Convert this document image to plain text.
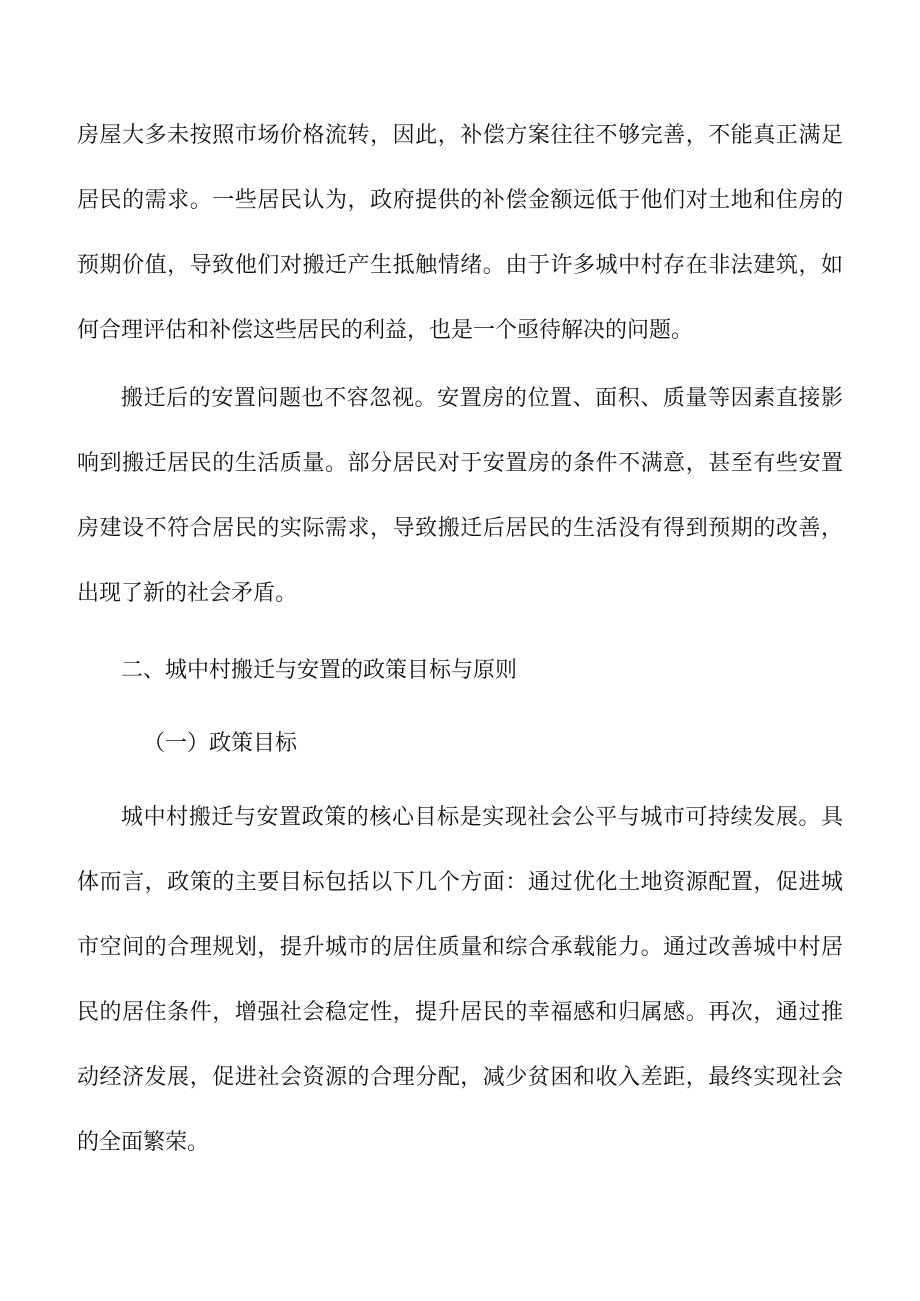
房屋大多未按照市场价格流转，因此，补偿方案往往不够完善，不能真正满足居民的需求。一些居民认为，政府提供的补偿金额远低于他们对土地和住房的预期价值，导致他们对搬迁产生抵触情绪。由于许多城中村存在非法建筑，如何合理评估和补偿这些居民的利益，也是一个亟待解决的问题。

搬迁后的安置问题也不容忽视。安置房的位置、面积、质量等因素直接影响到搬迁居民的生活质量。部分居民对于安置房的条件不满意，甚至有些安置房建设不符合居民的实际需求，导致搬迁后居民的生活没有得到预期的改善，出现了新的社会矛盾。

二、城中村搬迁与安置的政策目标与原则
（一）政策目标

城中村搬迁与安置政策的核心目标是实现社会公平与城市可持续发展。具体而言，政策的主要目标包括以下几个方面：通过优化土地资源配置，促进城市空间的合理规划，提升城市的居住质量和综合承载能力。通过改善城中村居民的居住条件，增强社会稳定性，提升居民的幸福感和归属感。再次，通过推动经济发展，促进社会资源的合理分配，减少贫困和收入差距，最终实现社会的全面繁荣。
